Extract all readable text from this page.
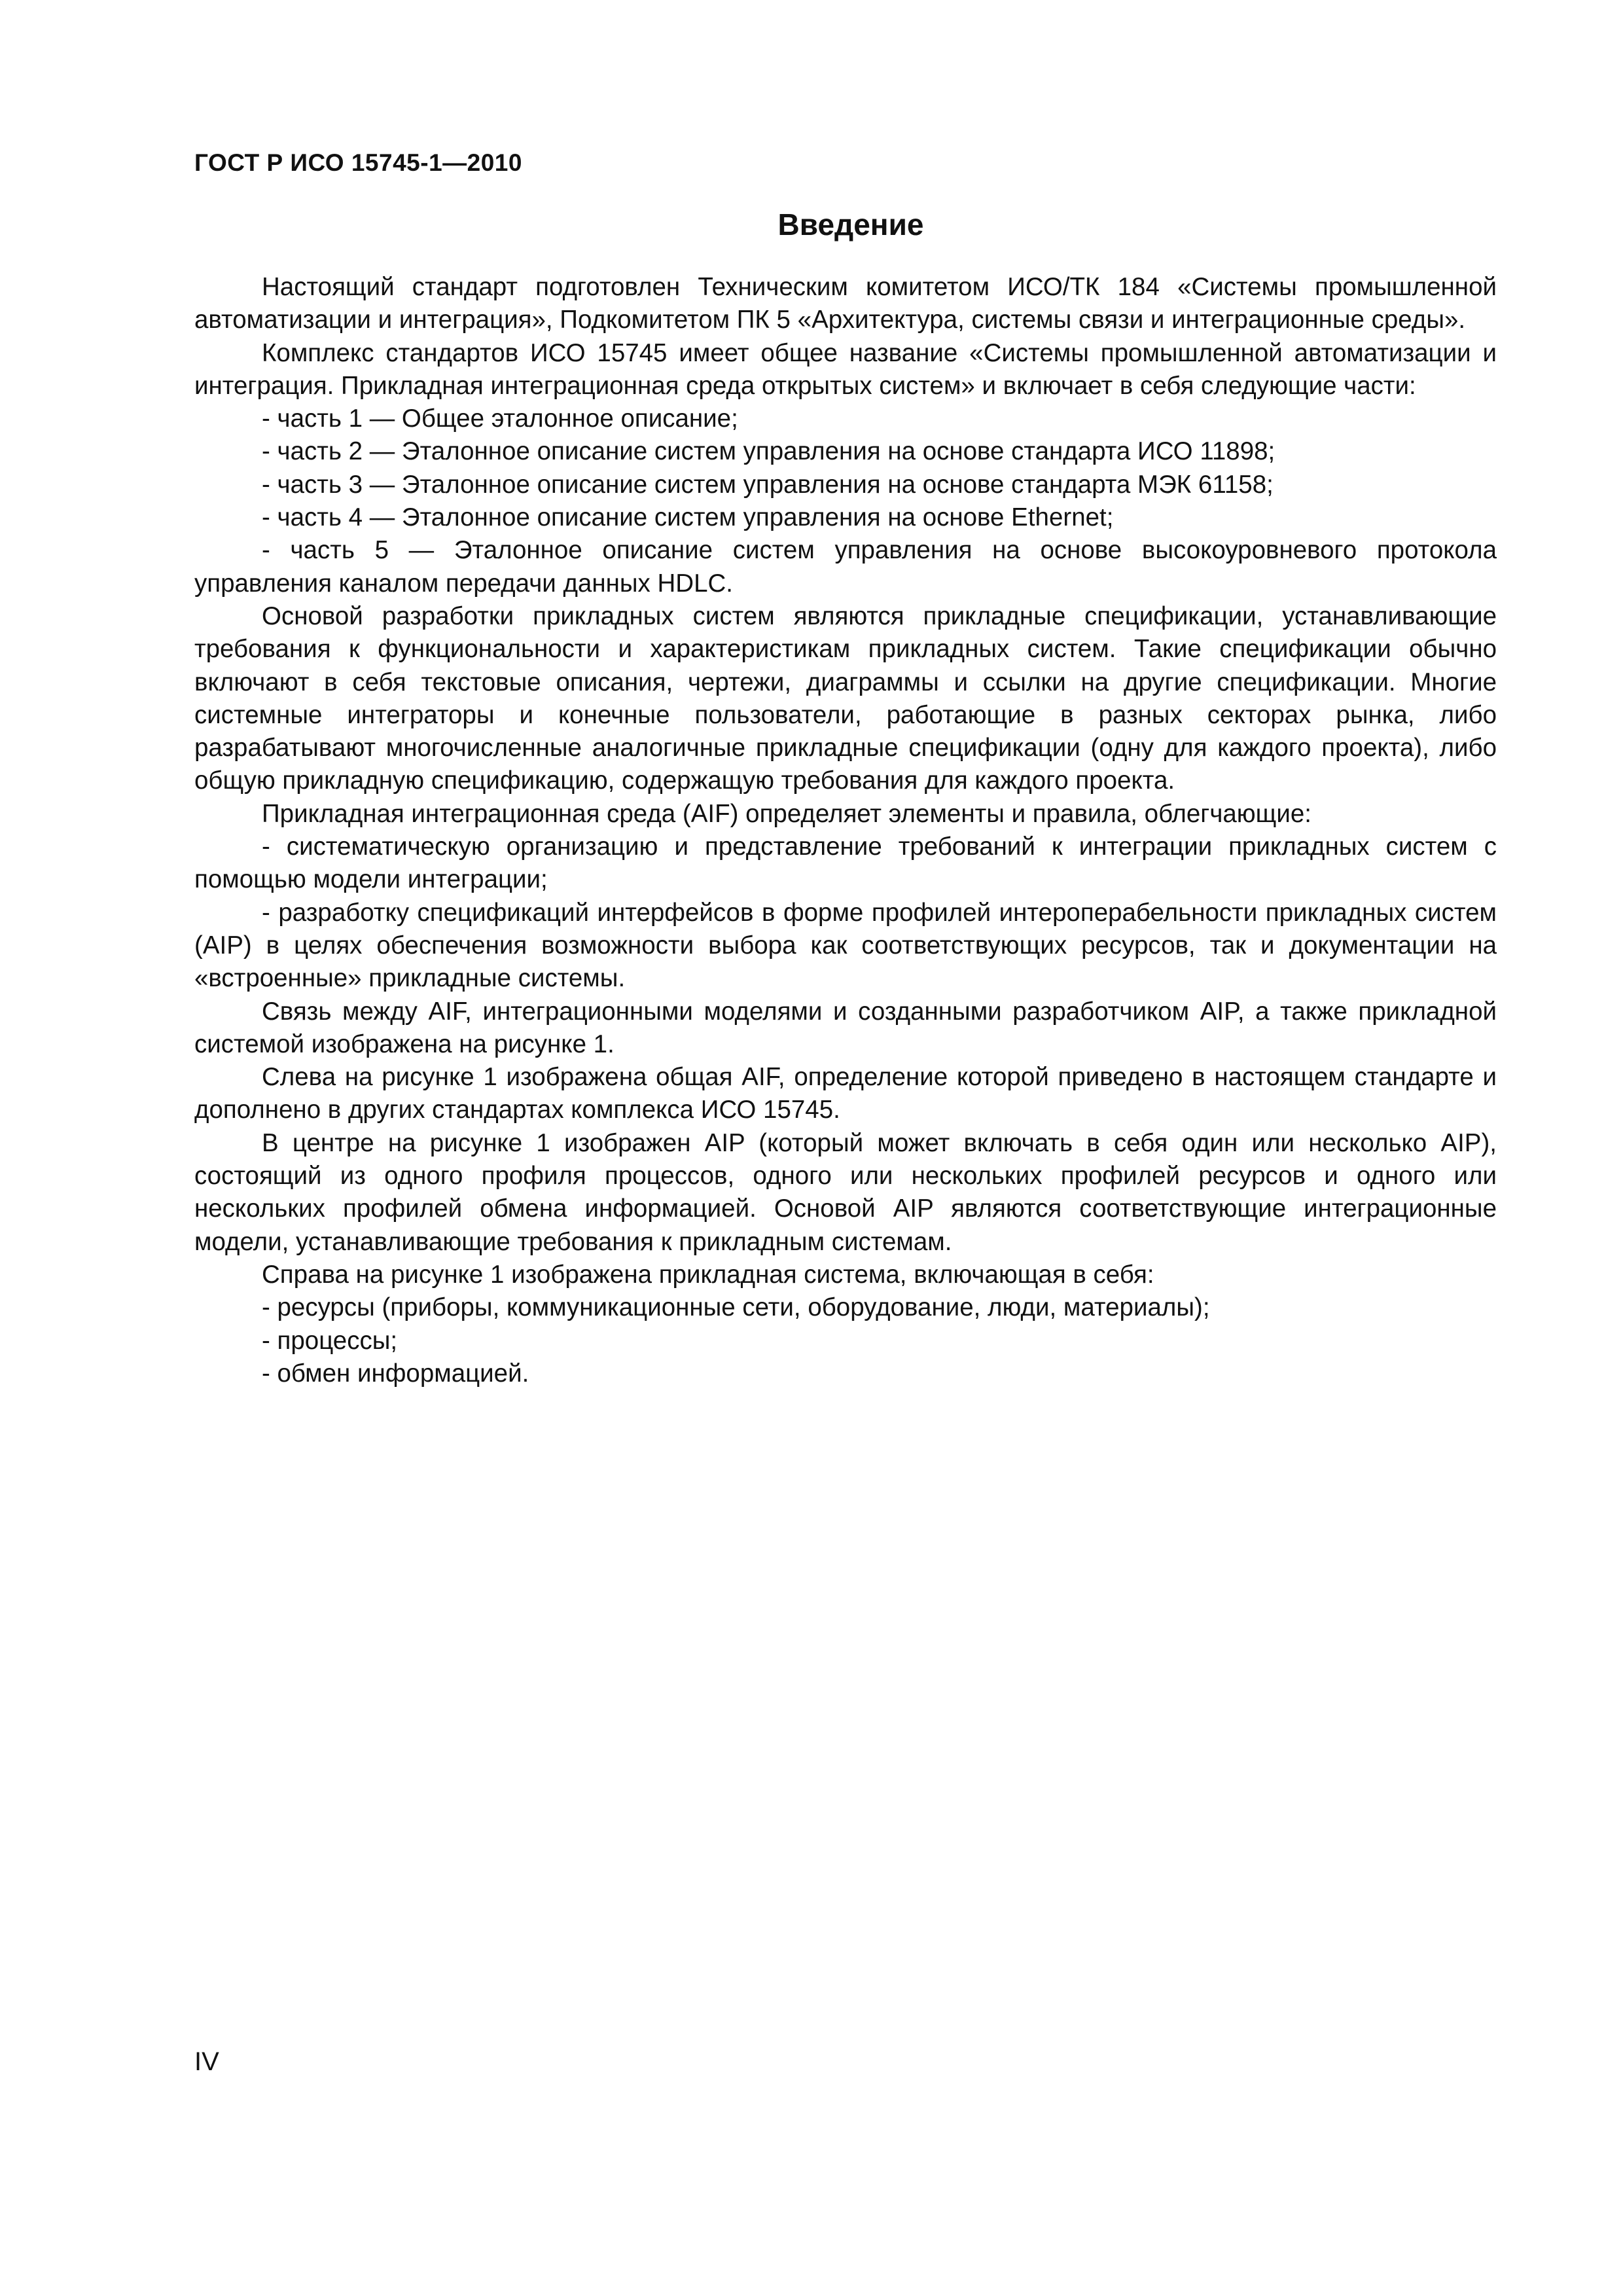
ГОСТ Р ИСО 15745-1—2010
Введение

Настоящий стандарт подготовлен Техническим комитетом ИСО/ТК 184 «Системы промышленной автоматизации и интеграция», Подкомитетом ПК 5 «Архитектура, системы связи и интеграционные среды».

Комплекс стандартов ИСО 15745 имеет общее название «Системы промышленной автоматизации и интеграция. Прикладная интеграционная среда открытых систем» и включает в себя следующие части:

- часть 1 — Общее эталонное описание;

- часть 2 — Эталонное описание систем управления на основе стандарта ИСО 11898;

- часть 3 — Эталонное описание систем управления на основе стандарта МЭК 61158;

- часть 4 — Эталонное описание систем управления на основе Ethernet;

- часть 5 — Эталонное описание систем управления на основе высокоуровневого протокола управления каналом передачи данных HDLC.

Основой разработки прикладных систем являются прикладные спецификации, устанавливающие требования к функциональности и характеристикам прикладных систем. Такие спецификации обычно включают в себя текстовые описания, чертежи, диаграммы и ссылки на другие спецификации. Многие системные интеграторы и конечные пользователи, работающие в разных секторах рынка, либо разрабатывают многочисленные аналогичные прикладные спецификации (одну для каждого проекта), либо общую прикладную спецификацию, содержащую требования для каждого проекта.

Прикладная интеграционная среда (AIF) определяет элементы и правила, облегчающие:

- систематическую организацию и представление требований к интеграции прикладных систем с помощью модели интеграции;

- разработку спецификаций интерфейсов в форме профилей интероперабельности прикладных систем (AIP) в целях обеспечения возможности выбора как соответствующих ресурсов, так и документации на «встроенные» прикладные системы.

Связь между AIF, интеграционными моделями и созданными разработчиком AIP, а также прикладной системой изображена на рисунке 1.

Слева на рисунке 1 изображена общая AIF, определение которой приведено в настоящем стандарте и дополнено в других стандартах комплекса ИСО 15745.

В центре на рисунке 1 изображен AIP (который может включать в себя один или несколько AIP), состоящий из одного профиля процессов, одного или нескольких профилей ресурсов и одного или нескольких профилей обмена информацией. Основой AIP являются соответствующие интеграционные модели, устанавливающие требования к прикладным системам.

Справа на рисунке 1 изображена прикладная система, включающая в себя:

- ресурсы (приборы, коммуникационные сети, оборудование, люди, материалы);

- процессы;

- обмен информацией.

IV
